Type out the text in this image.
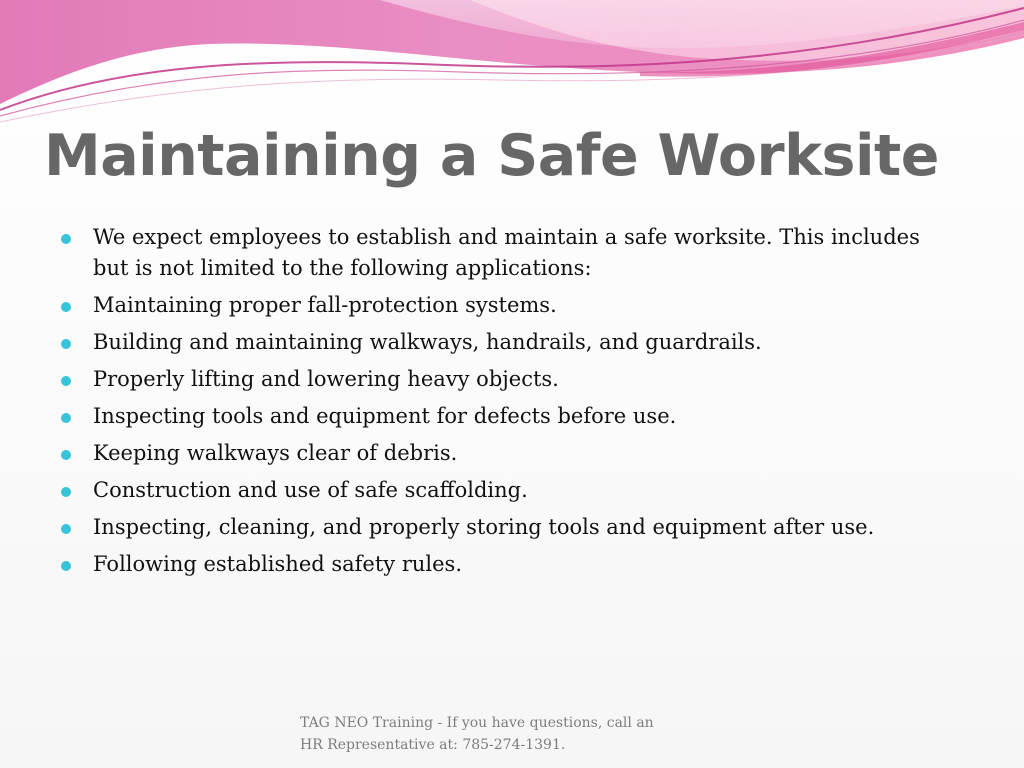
Maintaining a Safe Worksite
We expect employees to establish and maintain a safe worksite. This includes but is not limited to the following applications:
Maintaining proper fall-protection systems.
Building and maintaining walkways, handrails, and guardrails.
Properly lifting and lowering heavy objects.
Inspecting tools and equipment for defects before use.
Keeping walkways clear of debris.
Construction and use of safe scaffolding.
Inspecting, cleaning, and properly storing tools and equipment after use.
Following established safety rules.
TAG NEO Training - If you have questions, call an
HR Representative at: 785-274-1391.
